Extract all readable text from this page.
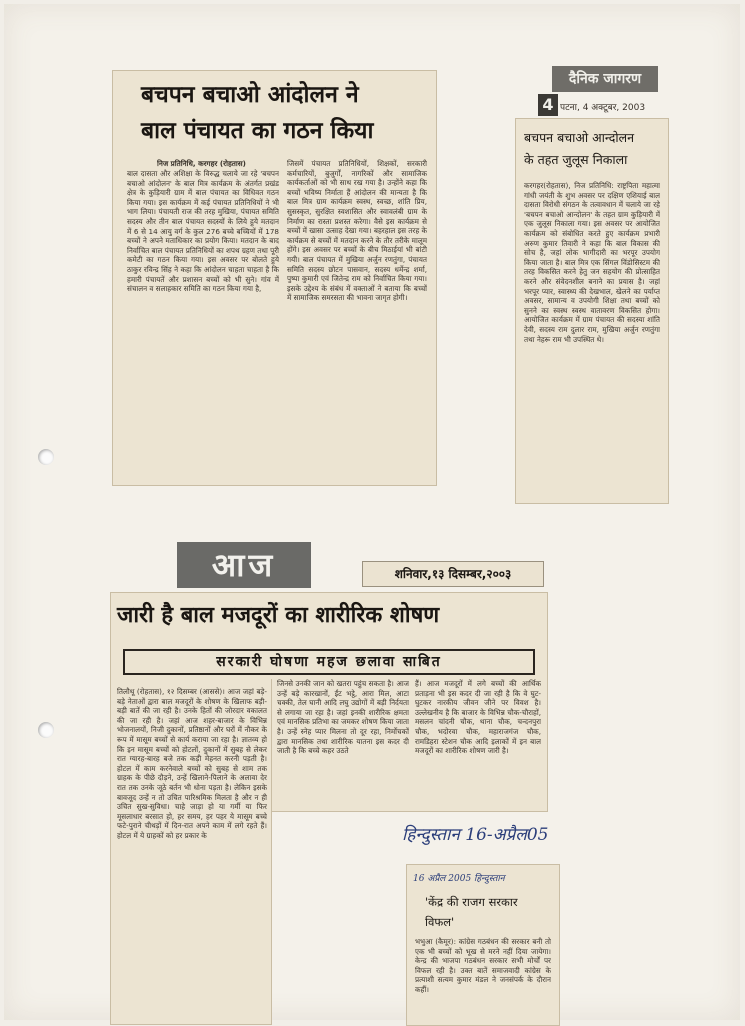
बचपन बचाओ आंदोलन ने
बाल पंचायत का गठन किया
निज प्रतिनिधि, करगहर (रोहतास)
बाल दासता और अशिक्षा के विरुद्ध चलाये जा रहे 'बचपन बचाओ आंदोलन' के बाल मित्र कार्यक्रम के अंतर्गत प्रखंड क्षेत्र के कुड़ियारी ग्राम में बाल पंचायत का विधिवत गठन किया गया। इस कार्यक्रम में कई पंचायत प्रतिनिधियों ने भी भाग लिया। पंचायती राज की तरह मुखिया, पंचायत समिति सदस्य और तीन बाल पंचायत सदस्यों के लिये हुये मतदान में 6 से 14 आयु वर्ग के कुल 276 बच्चे बच्चियों में 178 बच्चों ने अपने मताधिकार का प्रयोग किया। मतदान के बाद निर्वाचित बाल पंचायत प्रतिनिधियों का शपथ ग्रहण तथा पूरी कमेटी का गठन किया गया। इस अवसर पर बोलते हुये ठाकुर रविन्द्र सिंह ने कहा कि आंदोलन चाहता चाहता है कि हमारी पंचायतें और प्रशासन बच्चों को भी सुने। गांव में संचालन व सलाहकार समिति का गठन किया गया है,
जिसमें पंचायत प्रतिनिधियों, शिक्षकों, सरकारी कर्मचारियों, बुजुर्गों, नागरिकों और सामाजिक कार्यकर्ताओं को भी साथ रख गया है। उन्होंने कहा कि बच्चों भविष्य निर्माता हैं आंदोलन की मान्यता है कि बाल मित्र ग्राम कार्यक्रम स्वस्थ, स्वच्छ, शांति प्रिय, सुसस्कृत, सुरक्षित स्वशासित और स्वावलंबी ग्राम के निर्माण का रास्ता प्रशस्त करेगा। वैसे इस कार्यक्रम से बच्चों में खासा उत्साह देखा गया। बहरहाल इस तरह के कार्यक्रम से बच्चों में मतदान करने के तौर तरीके मालूम होंगे। इस अवसर पर बच्चों के बीच मिठाईयां भी बांटी गयी। बाल पंचायत में मुखिया अर्जुन रणतुंगा, पंचायत समिति सदस्य छोटन पासवान, सदस्य धर्मेन्द्र शर्मा, पुष्पा कुमारी एवं जितेन्द्र राम को निर्वाचित किया गया। इसके उद्देश्य के संबंध में वक्ताओं ने बताया कि बच्चों में सामाजिक समरसता की भावना जागृत होगी।
दैनिक जागरण
4 पटना, 4 अक्टूबर, 2003
बचपन बचाओ आन्दोलन
के तहत जुलूस निकाला
करगहर(रोहतास), निज प्रतिनिधि: राष्ट्रपिता महात्मा गांधी जयंती के शुभ अवसर पर दक्षिण एशियाई बाल दासता विरोधी संगठन के तत्वावधान में चलाये जा रहे 'बचपन बचाओ आन्दोलन' के तहत ग्राम कुड़ियारी में एक जुलूस निकाला गया। इस अवसर पर आयोजित कार्यक्रम को संबोधित करते हुए कार्यक्रम प्रभारी अरुण कुमार तिवारी ने कहा कि बाल विकास की सोच है, जहां लोक भागीदारी का भरपूर उपयोग किया जाता है। बाल मित्र एक सिंगल विंडोसिस्टम की तरह विकसित करने हेतु जन सहयोग की प्रोत्साहित करने और संवेदनशील बनाने का प्रयास है। जहां भरपूर प्यार, स्वास्थ्य की देखभाल, खेलने का पर्याप्त अवसर, सामान्य व उपयोगी शिक्षा तथा बच्चों को सुनने का स्वस्थ स्वस्थ वातावरण विकसित होगा। आयोजित कार्यक्रम में ग्राम पंचायत की सदस्या शांति देवी, सदस्य राम दुलार राम, मुखिया अर्जुन रणतुंगा तथा नेहरू राम भी उपस्थित थे।
आज	शनिवार,१३ दिसम्बर,२००३
जारी है बाल मजदूरों का शारीरिक शोषण
सरकारी घोषणा महज छलावा साबित
जिनसे उनकी जान को खतरा पहुंच सकता है। आज उन्हें बड़े कारखानों, ईंट भट्ठे, आरा मिल, आटा चक्की, तेल घानी आदि लघु उद्योगों में बड़ी निर्दयता से लगाया जा रहा है। जहां इनकी शारीरिक क्षमता एवं मानसिक प्रतिभा का जमकर शोषण किया जाता है। उन्हें स्नेह प्यार मिलना तो दूर रहा, निर्मोचकों द्वारा मानसिक तथा शारीरिक यातना इस कदर दी जाती है कि बच्चे कहर उठते
हैं। आज मजदूरों में लगे बच्चों की आर्थिक प्रताड़ना भी इस कदर दी जा रही है कि वे घुट-घुटकर नारकीय जीवन जीने पर विवश है। उल्लेखनीय है कि बाजार के विभिन्न चौक-चौराहों, मसलन चांदनी चौक, थाना चौक, चन्दनपुरा चौक, भदोरवा चौक, महाराजगंज चौक, रामडिहरा स्टेशन चौक आदि इलाकों में इन बाल मजदूरों का शारीरिक शोषण जारी है।
तिलौथू (रोहतास), १२ दिसम्बर (आससे)। आज जहां बड़े-बड़े नेताओं द्वारा बाल मजदूरों के शोषण के खिलाफ बड़ी-बड़ी बातें की जा रही है। उनके हितों की जोरदार वकालत की जा रही है। जहां आज शहर-बाजार के विभिन्न भोजनालयों, निजी दुकानों, प्रतिष्ठानों और घरों में नौकर के रूप में मासूम बच्चों से कार्य कराया जा रहा है। ज्ञातव्य हो कि इन मासूम बच्चों को होटलों, दुकानों में सुबह से लेकर रात ग्यारह-बारह बजे तक कड़ी मेहनत करनी पड़ती है। होटल में काम करनेवाले बच्चों को सुबह से शाम तक ग्राहक के पीछे दौड़ने, उन्हें खिलाने-पिलाने के अलावा देर रात तक उनके जूठे बर्तन भी धोना पड़ता है। लेकिन इसके बावजूद उन्हें न तो उचित पारिश्रमिक मिलता है और न ही उचित सुख-सुविधा। चाहे जाड़ा हो या गर्मी या फिर मूसलाधार बरसात हो, हर समय, हर पहर ये मासूम बच्चे फटे-पुराने चीथड़ों में दिन-रात अपने काम में लगे रहते हैं। होटल में ये ग्राहकों को हर प्रकार के	हिन्दुस्तान 16-अप्रैल05
16 अप्रैल 2005 हिन्दुस्तान
'केंद्र की राजग सरकार
विफल'
भभुआ (कैमूर): कांग्रेस गठबंधन की सरकार बनी तो एक भी बच्चों को भूख से मरने नहीं दिया जायेगा। केन्द्र की भाजपा गठबंधन सरकार सभी मोर्चों पर विफल रही है। उक्त बातें समाजवादी कांग्रेस के प्रत्याशी सत्यम कुमार मंडल ने जनसंपर्क के दौरान कहीं।
